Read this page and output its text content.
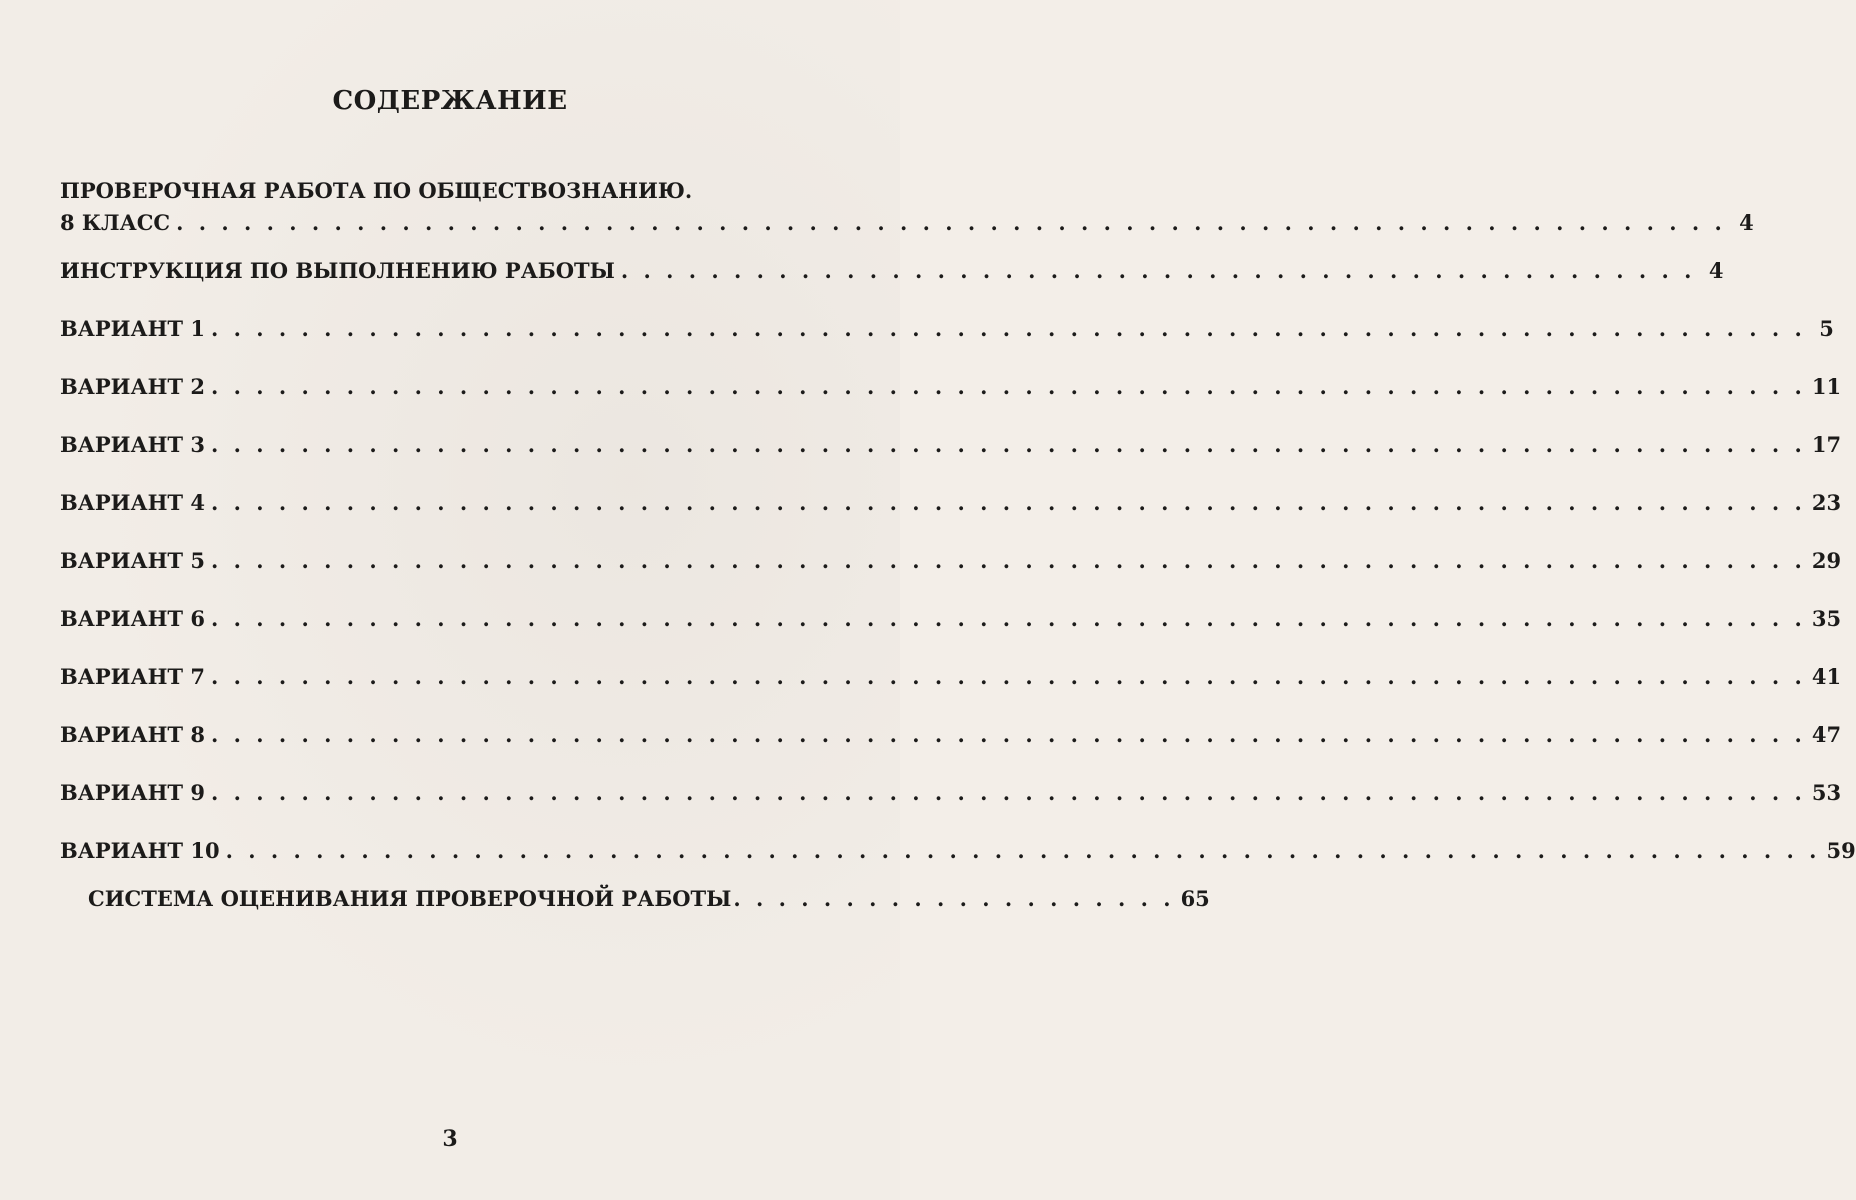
СОДЕРЖАНИЕ
ПРОВЕРОЧНАЯ РАБОТА ПО ОБЩЕСТВОЗНАНИЮ.
8 КЛАСС . . . . . . . . . . . . . . . . . . . . . . . . . . . . . . . . . . . . . . . . . . . . . . . . . . . . . . . . . . . . . . . . . . . . . 4
ИНСТРУКЦИЯ ПО ВЫПОЛНЕНИЮ РАБОТЫ . . . . . . . . . . . . . . . . . . . . . . . . . . . . . . . . . . . . . . . . . . . . . . . . 4
ВАРИАНТ 1 . . . . . . . . . . . . . . . . . . . . . . . . . . . . . . . . . . . . . . . . . . . . . . . . . . . . . . . . . . . . . . . . . . . . . . . 5
ВАРИАНТ 2 . . . . . . . . . . . . . . . . . . . . . . . . . . . . . . . . . . . . . . . . . . . . . . . . . . . . . . . . . . . . . . . . . . . . . . . 11
ВАРИАНТ 3 . . . . . . . . . . . . . . . . . . . . . . . . . . . . . . . . . . . . . . . . . . . . . . . . . . . . . . . . . . . . . . . . . . . . . . . 17
ВАРИАНТ 4 . . . . . . . . . . . . . . . . . . . . . . . . . . . . . . . . . . . . . . . . . . . . . . . . . . . . . . . . . . . . . . . . . . . . . . . 23
ВАРИАНТ 5 . . . . . . . . . . . . . . . . . . . . . . . . . . . . . . . . . . . . . . . . . . . . . . . . . . . . . . . . . . . . . . . . . . . . . . . 29
ВАРИАНТ 6 . . . . . . . . . . . . . . . . . . . . . . . . . . . . . . . . . . . . . . . . . . . . . . . . . . . . . . . . . . . . . . . . . . . . . . . 35
ВАРИАНТ 7 . . . . . . . . . . . . . . . . . . . . . . . . . . . . . . . . . . . . . . . . . . . . . . . . . . . . . . . . . . . . . . . . . . . . . . . 41
ВАРИАНТ 8 . . . . . . . . . . . . . . . . . . . . . . . . . . . . . . . . . . . . . . . . . . . . . . . . . . . . . . . . . . . . . . . . . . . . . . . 47
ВАРИАНТ 9 . . . . . . . . . . . . . . . . . . . . . . . . . . . . . . . . . . . . . . . . . . . . . . . . . . . . . . . . . . . . . . . . . . . . . . . 53
ВАРИАНТ 10 . . . . . . . . . . . . . . . . . . . . . . . . . . . . . . . . . . . . . . . . . . . . . . . . . . . . . . . . . . . . . . . . . . . . . . . 59
СИСТЕМА ОЦЕНИВАНИЯ ПРОВЕРОЧНОЙ РАБОТЫ . . . . . . . . . . . . . . . . . . . . 65
3
